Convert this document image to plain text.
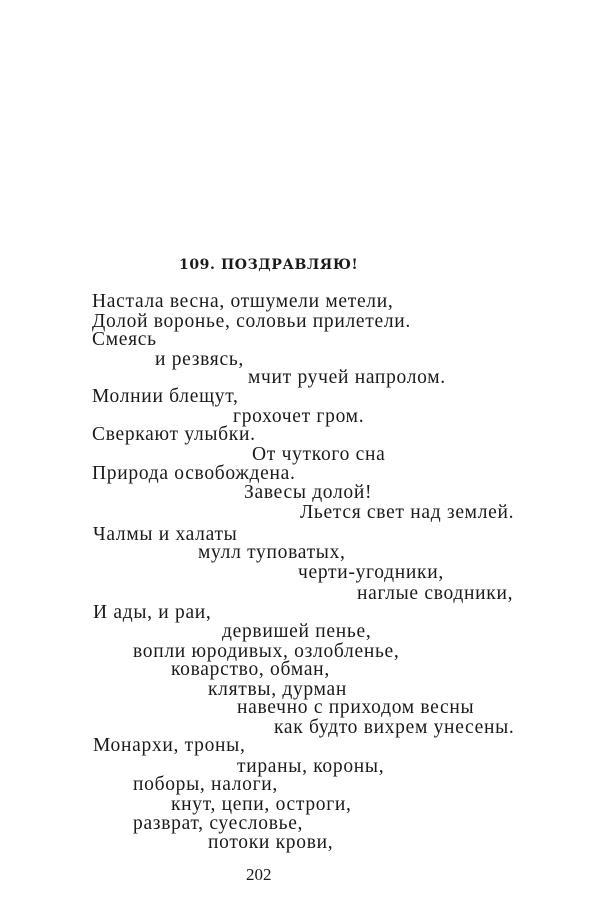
109. ПОЗДРАВЛЯЮ!
Настала весна, отшумели метели,
Долой воронье, соловьи прилетели.
Смеясь
и резвясь,
мчит ручей напролом.
Молнии блещут,
грохочет гром.
Сверкают улыбки.
От чуткого сна
Природа освобождена.
Завесы долой!
Льется свет над землей.
Чалмы и халаты
мулл туповатых,
черти-угодники,
наглые сводники,
И ады, и раи,
дервишей пенье,
вопли юродивых, озлобленье,
коварство, обман,
клятвы, дурман
навечно с приходом весны
как будто вихрем унесены.
Монархи, троны,
тираны, короны,
поборы, налоги,
кнут, цепи, остроги,
разврат, суесловье,
потоки крови,
202
